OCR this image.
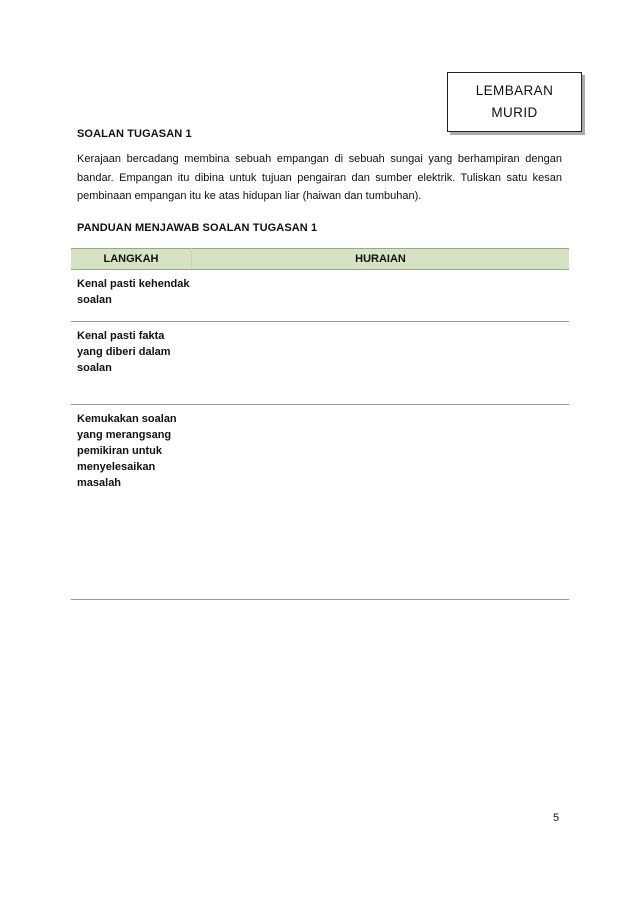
LEMBARAN
MURID
SOALAN TUGASAN 1

Kerajaan bercadang membina sebuah empangan di sebuah sungai yang berhampiran dengan bandar. Empangan itu dibina untuk tujuan pengairan dan sumber elektrik. Tuliskan satu kesan pembinaan empangan itu ke atas hidupan liar (haiwan dan tumbuhan).

PANDUAN MENJAWAB SOALAN TUGASAN 1
LANGKAH	HURAIAN
Kenal pasti kehendak soalan	
Kenal pasti fakta yang diberi dalam soalan	
Kemukakan soalan yang merangsang pemikiran untuk menyelesaikan masalah	
5
